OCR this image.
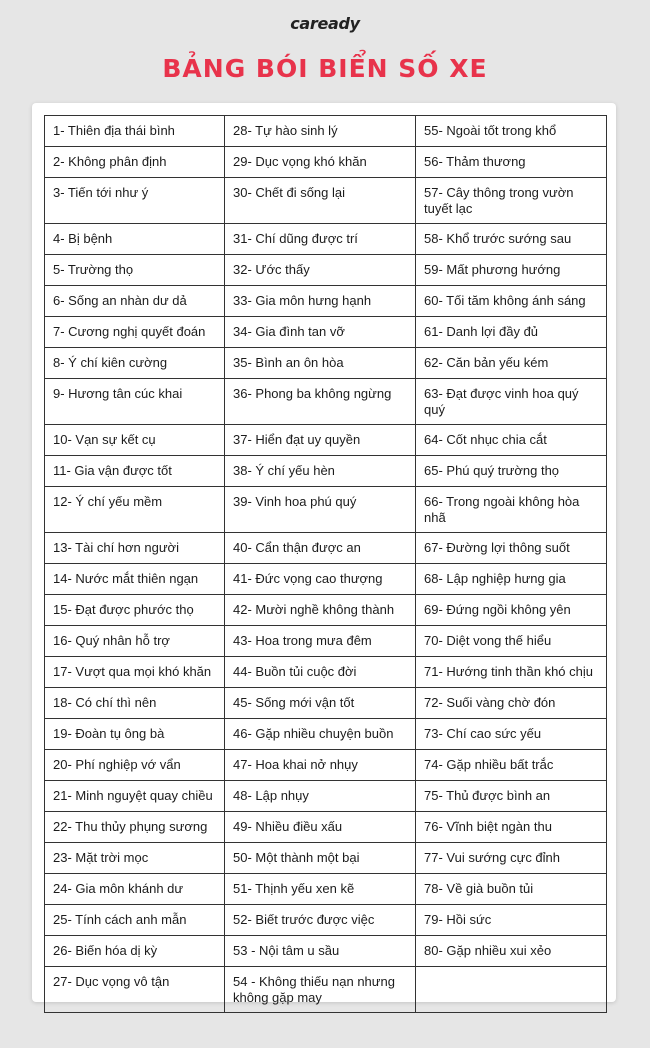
caready
BẢNG BÓI BIỂN SỐ XE
1- Thiên địa thái bình	28- Tự hào sinh lý	55- Ngoài tốt trong khổ
2- Không phân định	29- Dục vọng khó khăn	56- Thảm thương
3- Tiến tới như ý	30- Chết đi sống lại	57- Cây thông trong vườn tuyết lạc
4- Bị bệnh	31- Chí dũng được trí	58- Khổ trước sướng sau
5- Trường thọ	32- Ước thấy	59- Mất phương hướng
6- Sống an nhàn dư dả	33- Gia môn hưng hạnh	60- Tối tăm không ánh sáng
7- Cương nghị quyết đoán	34- Gia đình tan vỡ	61- Danh lợi đầy đủ
8- Ý chí kiên cường	35- Bình an ôn hòa	62- Căn bản yếu kém
9- Hương tân cúc khai	36- Phong ba không ngừng	63- Đạt được vinh hoa quý quý
10- Vạn sự kết cụ	37- Hiển đạt uy quyền	64- Cốt nhục chia cắt
11- Gia vận được tốt	38- Ý chí yếu hèn	65- Phú quý trường thọ
12- Ý chí yếu mềm	39- Vinh hoa phú quý	66- Trong ngoài không hòa nhã
13- Tài chí hơn người	40- Cẩn thận được an	67- Đường lợi thông suốt
14- Nước mắt thiên ngạn	41- Đức vọng cao thượng	68- Lập nghiệp hưng gia
15- Đạt được phước thọ	42- Mười nghề không thành	69- Đứng ngồi không yên
16- Quý nhân hỗ trợ	43- Hoa trong mưa đêm	70- Diệt vong thế hiểu
17- Vượt qua mọi khó khăn	44- Buồn tủi cuộc đời	71- Hướng tinh thần khó chịu
18- Có chí thì nên	45- Sống mới vận tốt	72- Suối vàng chờ đón
19- Đoàn tụ ông bà	46- Gặp nhiều chuyện buồn	73- Chí cao sức yếu
20- Phí nghiệp vớ vẩn	47- Hoa khai nở nhụy	74- Gặp nhiều bất trắc
21- Minh nguyệt quay chiều	48- Lập nhụy	75- Thủ được bình an
22- Thu thủy phụng sương	49- Nhiều điều xấu	76- Vĩnh biệt ngàn thu
23- Mặt trời mọc	50- Một thành một bại	77- Vui sướng cực đỉnh
24- Gia môn khánh dư	51- Thịnh yếu xen kẽ	78- Về già buồn tủi
25- Tính cách anh mẫn	52- Biết trước được việc	79- Hồi sức
26- Biến hóa dị kỳ	53 - Nội tâm u sầu	80- Gặp nhiều xui xẻo
27- Dục vọng vô tận	54 - Không thiếu nạn nhưng không gặp may	
